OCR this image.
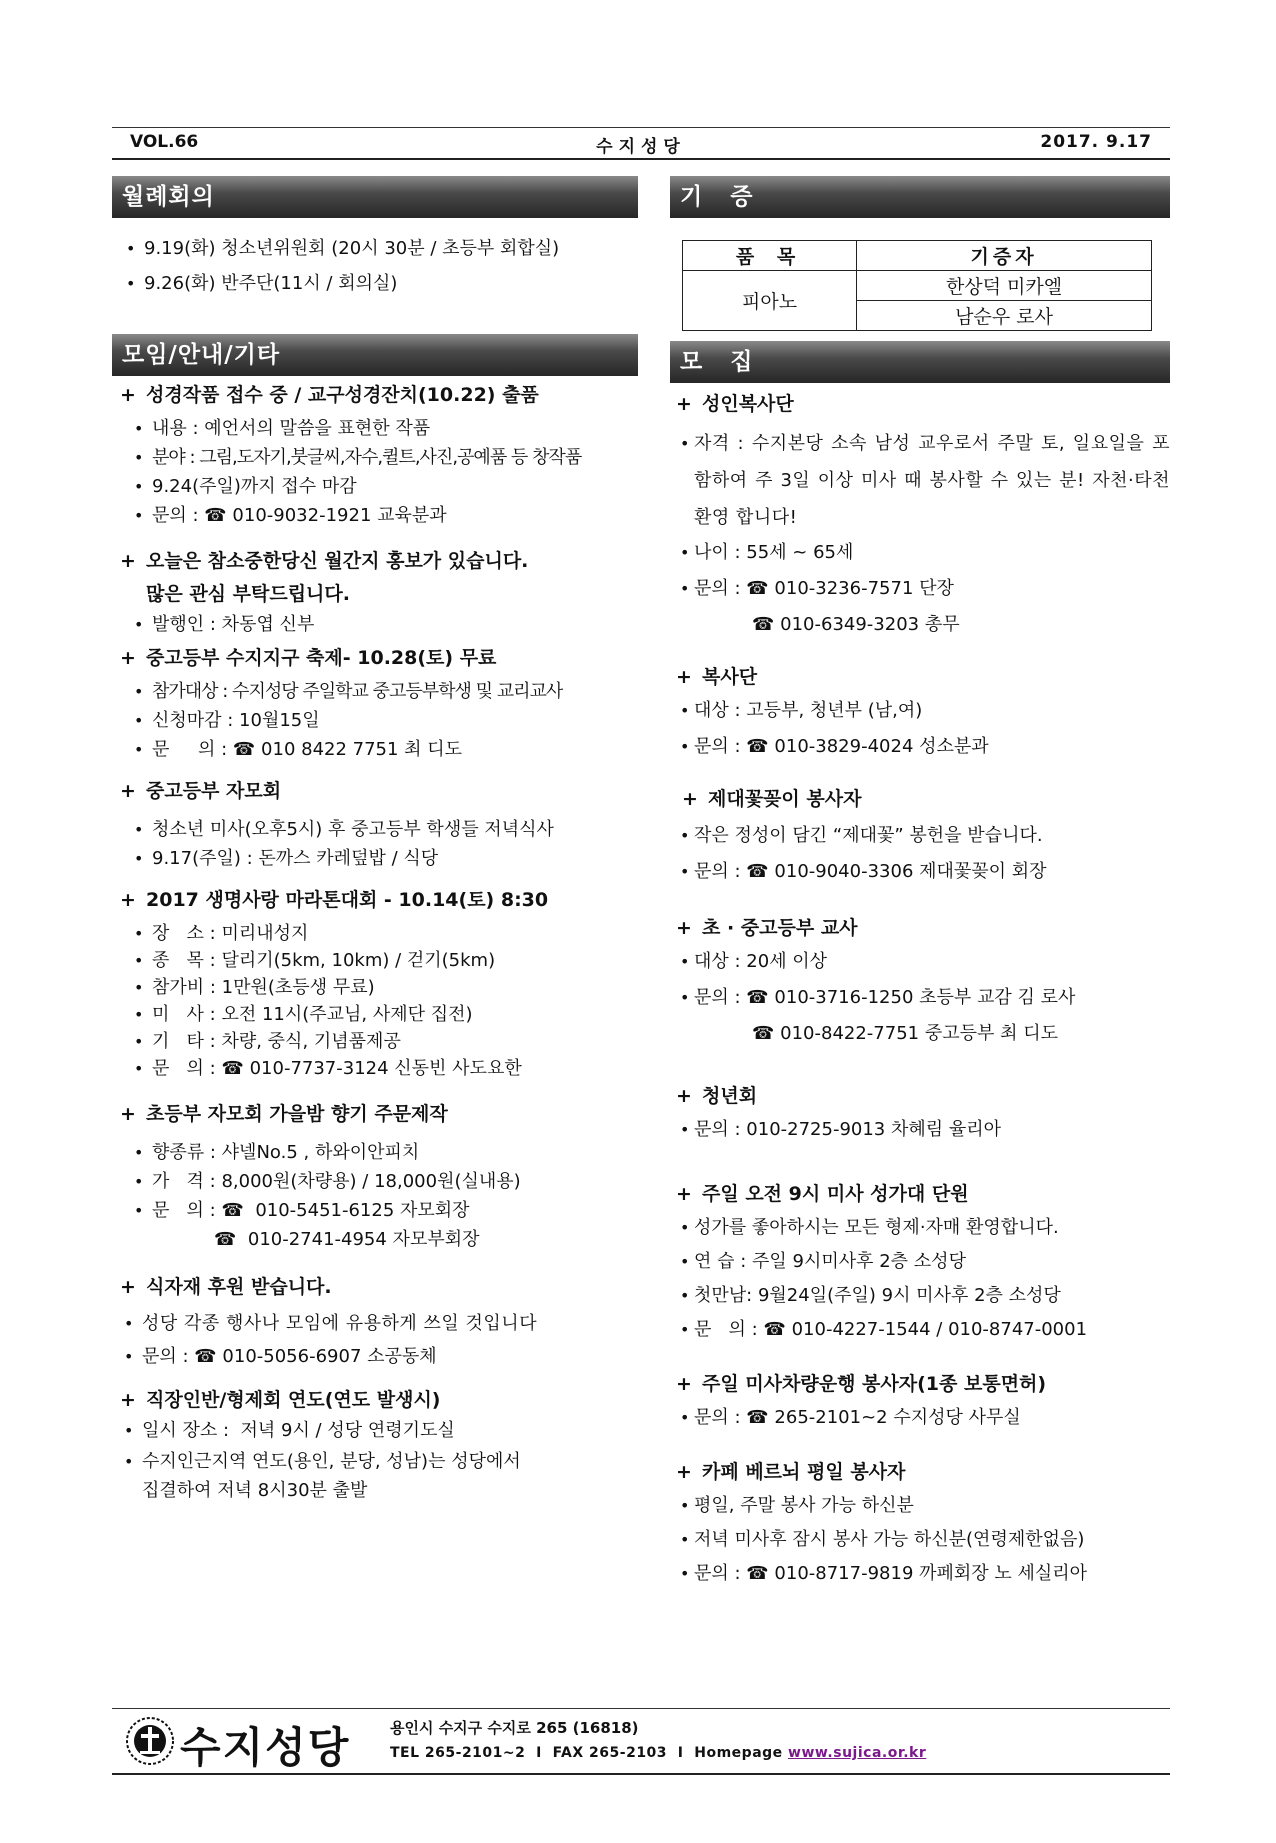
VOL.66	수지성당	2017. 9.17
월례회의
• 9.19(화) 청소년위원회 (20시 30분 / 초등부 회합실)
• 9.26(화) 반주단(11시 / 회의실)
모임/안내/기타
+ 성경작품 접수 중 / 교구성경잔치(10.22) 출품
• 내용 : 예언서의 말씀을 표현한 작품
• 분야 : 그림,도자기,붓글씨,자수,퀼트,사진,공예품 등 창작품
• 9.24(주일)까지 접수 마감
• 문의 : ☎ 010-9032-1921 교육분과
+ 오늘은 참소중한당신 월간지 홍보가 있습니다.
많은 관심 부탁드립니다.
• 발행인 : 차동엽 신부
+ 중고등부 수지지구 축제- 10.28(토) 무료
• 참가대상 : 수지성당 주일학교 중고등부학생 및 교리교사
• 신청마감 : 10월15일
• 문     의 : ☎ 010 8422 7751 최 디도
+ 중고등부 자모회
• 청소년 미사(오후5시) 후 중고등부 학생들 저녁식사
• 9.17(주일) : 돈까스 카레덮밥 / 식당
+ 2017 생명사랑 마라톤대회 - 10.14(토) 8:30
• 장   소 : 미리내성지
• 종   목 : 달리기(5km, 10km) / 걷기(5km)
• 참가비 : 1만원(초등생 무료)
• 미   사 : 오전 11시(주교님, 사제단 집전)
• 기   타 : 차량, 중식, 기념품제공
• 문   의 : ☎ 010-7737-3124 신동빈 사도요한
+ 초등부 자모회 가을밤 향기 주문제작
• 향종류 : 샤넬No.5 , 하와이안피치
• 가   격 : 8,000원(차량용) / 18,000원(실내용)
• 문   의 : ☎  010-5451-6125 자모회장
☎  010-2741-4954 자모부회장
+ 식자재 후원 받습니다.
• 성당 각종 행사나 모임에 유용하게 쓰일 것입니다
• 문의 : ☎ 010-5056-6907 소공동체
+ 직장인반/형제회 연도(연도 발생시)
• 일시 장소 :  저녁 9시 / 성당 연령기도실
• 수지인근지역 연도(용인, 분당, 성남)는 성당에서
집결하여 저녁 8시30분 출발
기 증
품 목	기증자
피아노	한상덕 미카엘
	남순우 로사
모 집
+ 성인복사단
• 자격 : 수지본당 소속 남성 교우로서 주말 토, 일요일을 포함하여 주 3일 이상 미사 때 봉사할 수 있는 분! 자천·타천 환영 합니다!
• 나이 : 55세 ~ 65세
• 문의 : ☎ 010-3236-7571 단장
☎ 010-6349-3203 총무
+ 복사단
• 대상 : 고등부, 청년부 (남,여)
• 문의 : ☎ 010-3829-4024 성소분과
+ 제대꽃꽂이 봉사자
• 작은 정성이 담긴 “제대꽃” 봉헌을 받습니다.
• 문의 : ☎ 010-9040-3306 제대꽃꽂이 회장
+ 초 · 중고등부 교사
• 대상 : 20세 이상
• 문의 : ☎ 010-3716-1250 초등부 교감 김 로사
☎ 010-8422-7751 중고등부 최 디도
+ 청년회
• 문의 : 010-2725-9013 차혜림 율리아
+ 주일 오전 9시 미사 성가대 단원
• 성가를 좋아하시는 모든 형제·자매 환영합니다.
• 연 습 : 주일 9시미사후 2층 소성당
• 첫만남: 9월24일(주일) 9시 미사후 2층 소성당
• 문   의 : ☎ 010-4227-1544 / 010-8747-0001
+ 주일 미사차량운행 봉사자(1종 보통면허)
• 문의 : ☎ 265-2101~2 수지성당 사무실
+ 카페 베르뇌 평일 봉사자
• 평일, 주말 봉사 가능 하신분
• 저녁 미사후 잠시 봉사 가능 하신분(연령제한없음)
• 문의 : ☎ 010-8717-9819 까페회장 노 세실리아
수지성당	용인시 수지구 수지로 265 (16818)
TEL 265-2101~2  I  FAX 265-2103  I  Homepage www.sujica.or.kr
